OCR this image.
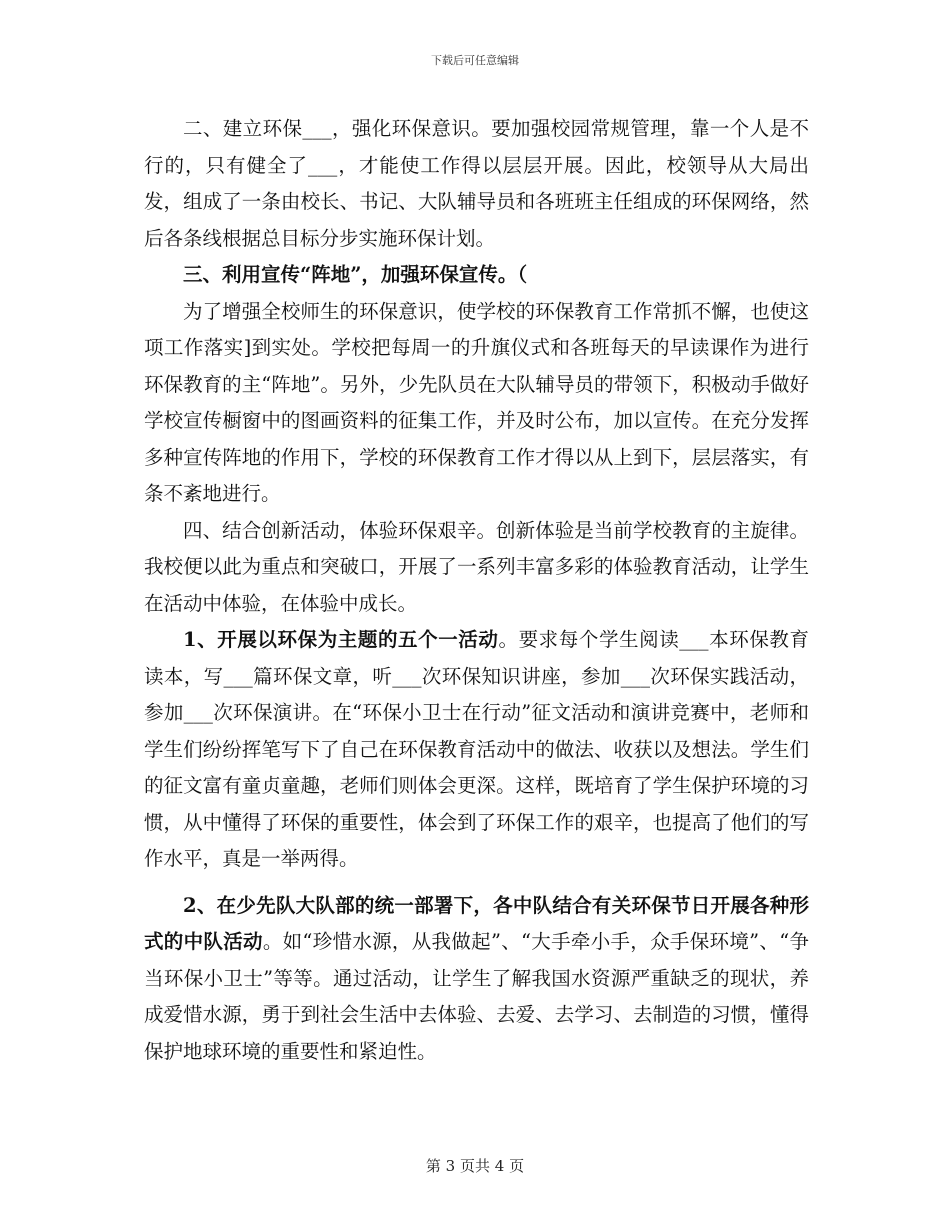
下载后可任意编辑

二、建立环保___，强化环保意识。要加强校园常规管理，靠一个人是不行的，只有健全了___，才能使工作得以层层开展。因此，校领导从大局出发，组成了一条由校长、书记、大队辅导员和各班班主任组成的环保网络，然后各条线根据总目标分步实施环保计划。

三、利用宣传“阵地”，加强环保宣传。（

为了增强全校师生的环保意识，使学校的环保教育工作常抓不懈，也使这项工作落实]到实处。学校把每周一的升旗仪式和各班每天的早读课作为进行环保教育的主“阵地”。另外，少先队员在大队辅导员的带领下，积极动手做好学校宣传橱窗中的图画资料的征集工作，并及时公布，加以宣传。在充分发挥多种宣传阵地的作用下，学校的环保教育工作才得以从上到下，层层落实，有条不紊地进行。

四、结合创新活动，体验环保艰辛。创新体验是当前学校教育的主旋律。我校便以此为重点和突破口，开展了一系列丰富多彩的体验教育活动，让学生在活动中体验，在体验中成长。

1、开展以环保为主题的五个一活动。要求每个学生阅读___本环保教育读本，写___篇环保文章，听___次环保知识讲座，参加___次环保实践活动，参加___次环保演讲。在“环保小卫士在行动”征文活动和演讲竞赛中，老师和学生们纷纷挥笔写下了自己在环保教育活动中的做法、收获以及想法。学生们的征文富有童贞童趣，老师们则体会更深。这样，既培育了学生保护环境的习惯，从中懂得了环保的重要性，体会到了环保工作的艰辛，也提高了他们的写作水平，真是一举两得。

2、在少先队大队部的统一部署下，各中队结合有关环保节日开展各种形式的中队活动。如“珍惜水源，从我做起”、“大手牵小手，众手保环境”、“争当环保小卫士”等等。通过活动，让学生了解我国水资源严重缺乏的现状，养成爱惜水源，勇于到社会生活中去体验、去爱、去学习、去制造的习惯，懂得保护地球环境的重要性和紧迫性。

第 3 页共 4 页
